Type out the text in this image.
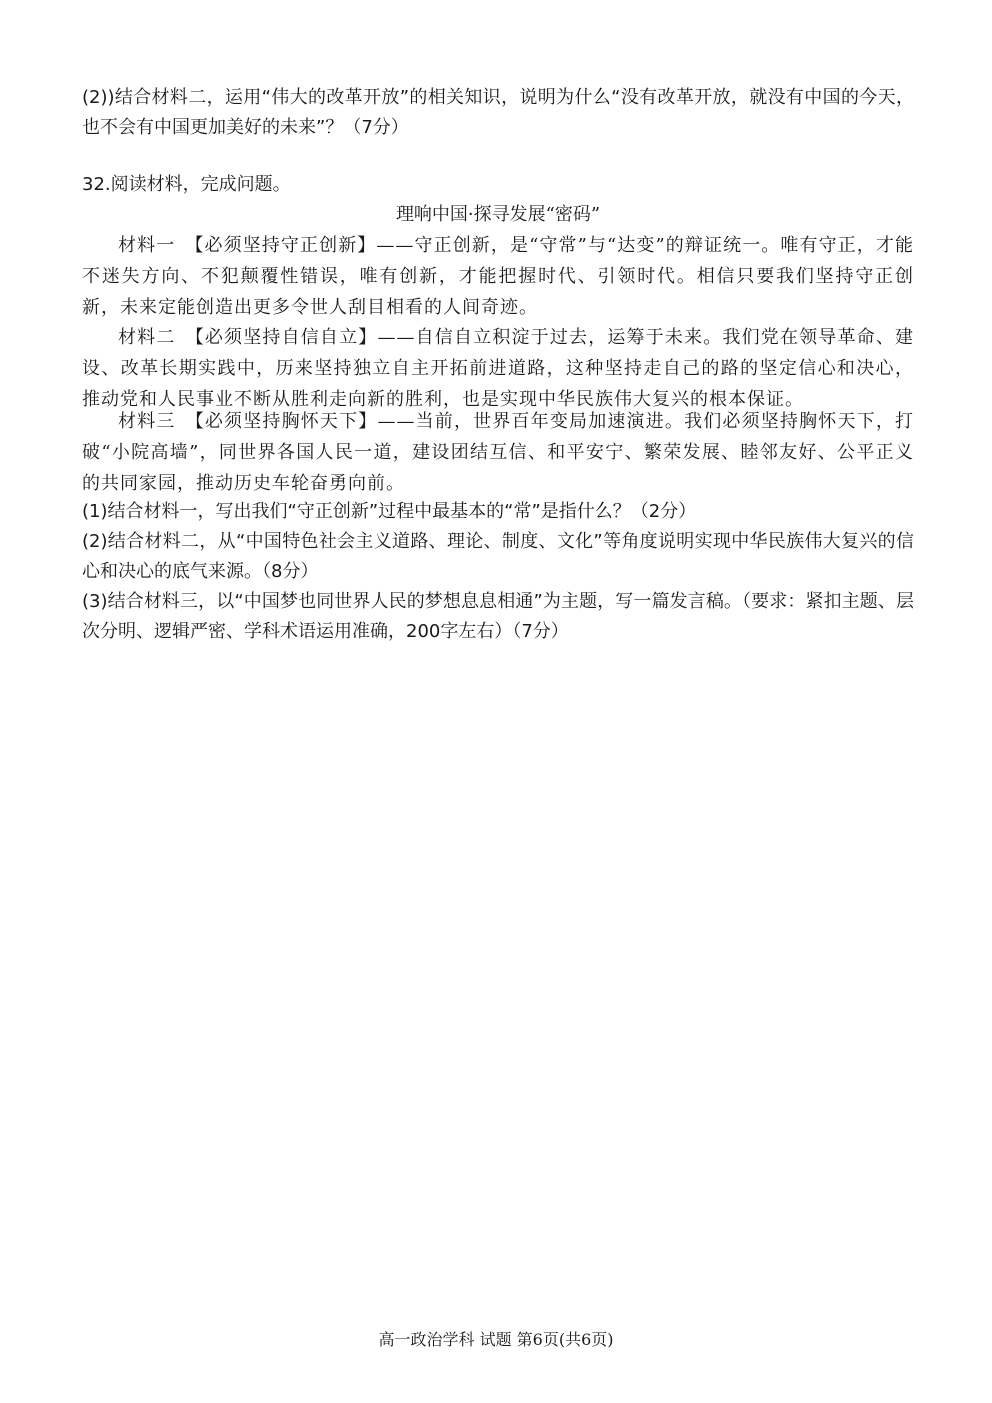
(2))结合材料二，运用“伟大的改革开放”的相关知识，说明为什么“没有改革开放，就没有中国的今天，也不会有中国更加美好的未来”？（7分）

32.阅读材料，完成问题。

理响中国·探寻发展“密码”

材料一　【必须坚持守正创新】——守正创新，是“守常”与“达变”的辩证统一。唯有守正，才能不迷失方向、不犯颠覆性错误，唯有创新，才能把握时代、引领时代。相信只要我们坚持守正创新，未来定能创造出更多令世人刮目相看的人间奇迹。

材料二　【必须坚持自信自立】——自信自立积淀于过去，运筹于未来。我们党在领导革命、建设、改革长期实践中，历来坚持独立自主开拓前进道路，这种坚持走自己的路的坚定信心和决心，推动党和人民事业不断从胜利走向新的胜利，也是实现中华民族伟大复兴的根本保证。

材料三　【必须坚持胸怀天下】——当前，世界百年变局加速演进。我们必须坚持胸怀天下，打破“小院高墙”，同世界各国人民一道，建设团结互信、和平安宁、繁荣发展、睦邻友好、公平正义的共同家园，推动历史车轮奋勇向前。

(1)结合材料一，写出我们“守正创新”过程中最基本的“常”是指什么？（2分）

(2)结合材料二，从“中国特色社会主义道路、理论、制度、文化”等角度说明实现中华民族伟大复兴的信心和决心的底气来源。（8分）

(3)结合材料三，以“中国梦也同世界人民的梦想息息相通”为主题，写一篇发言稿。（要求：紧扣主题、层次分明、逻辑严密、学科术语运用准确，200字左右）（7分）

高一政治学科 试题 第6页(共6页)
